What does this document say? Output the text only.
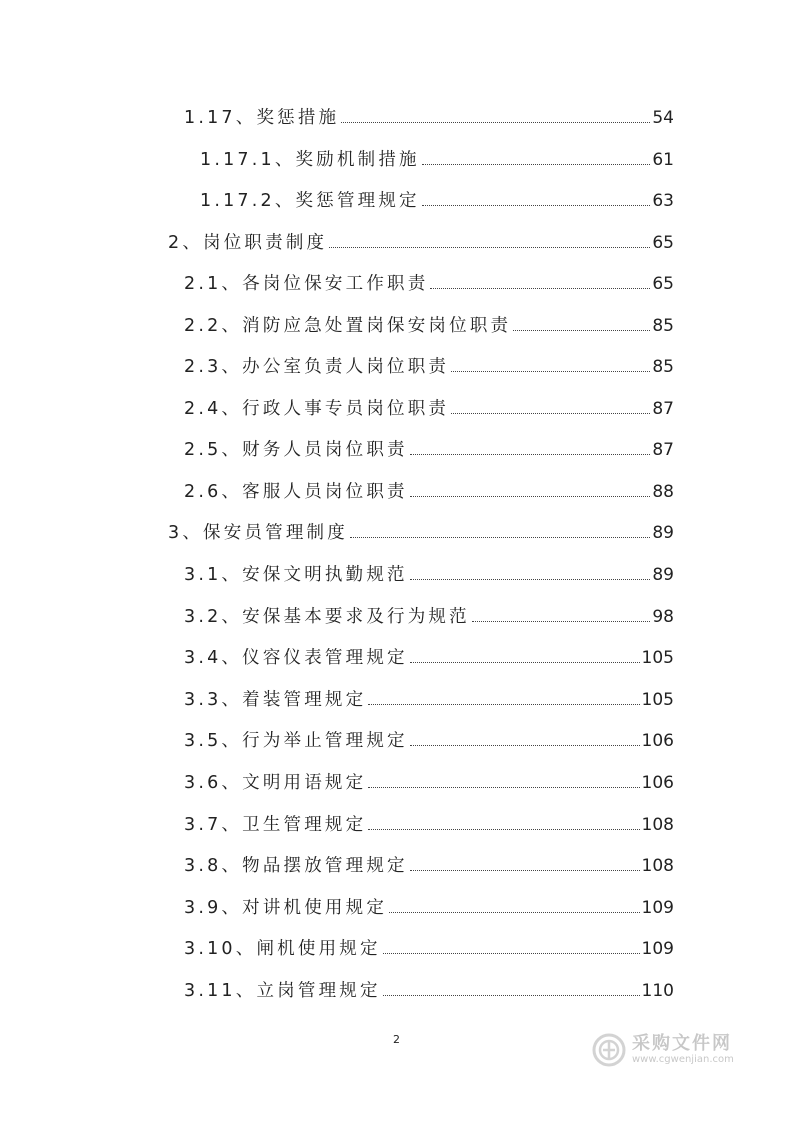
1.17、奖惩措施	54
1.17.1、奖励机制措施	61
1.17.2、奖惩管理规定	63
2、岗位职责制度	65
2.1、各岗位保安工作职责	65
2.2、消防应急处置岗保安岗位职责	85
2.3、办公室负责人岗位职责	85
2.4、行政人事专员岗位职责	87
2.5、财务人员岗位职责	87
2.6、客服人员岗位职责	88
3、保安员管理制度	89
3.1、安保文明执勤规范	89
3.2、安保基本要求及行为规范	98
3.4、仪容仪表管理规定	105
3.3、着装管理规定	105
3.5、行为举止管理规定	106
3.6、文明用语规定	106
3.7、卫生管理规定	108
3.8、物品摆放管理规定	108
3.9、对讲机使用规定	109
3.10、闸机使用规定	109
3.11、立岗管理规定	110
2	采购文件网
www.cgwenjian.com
